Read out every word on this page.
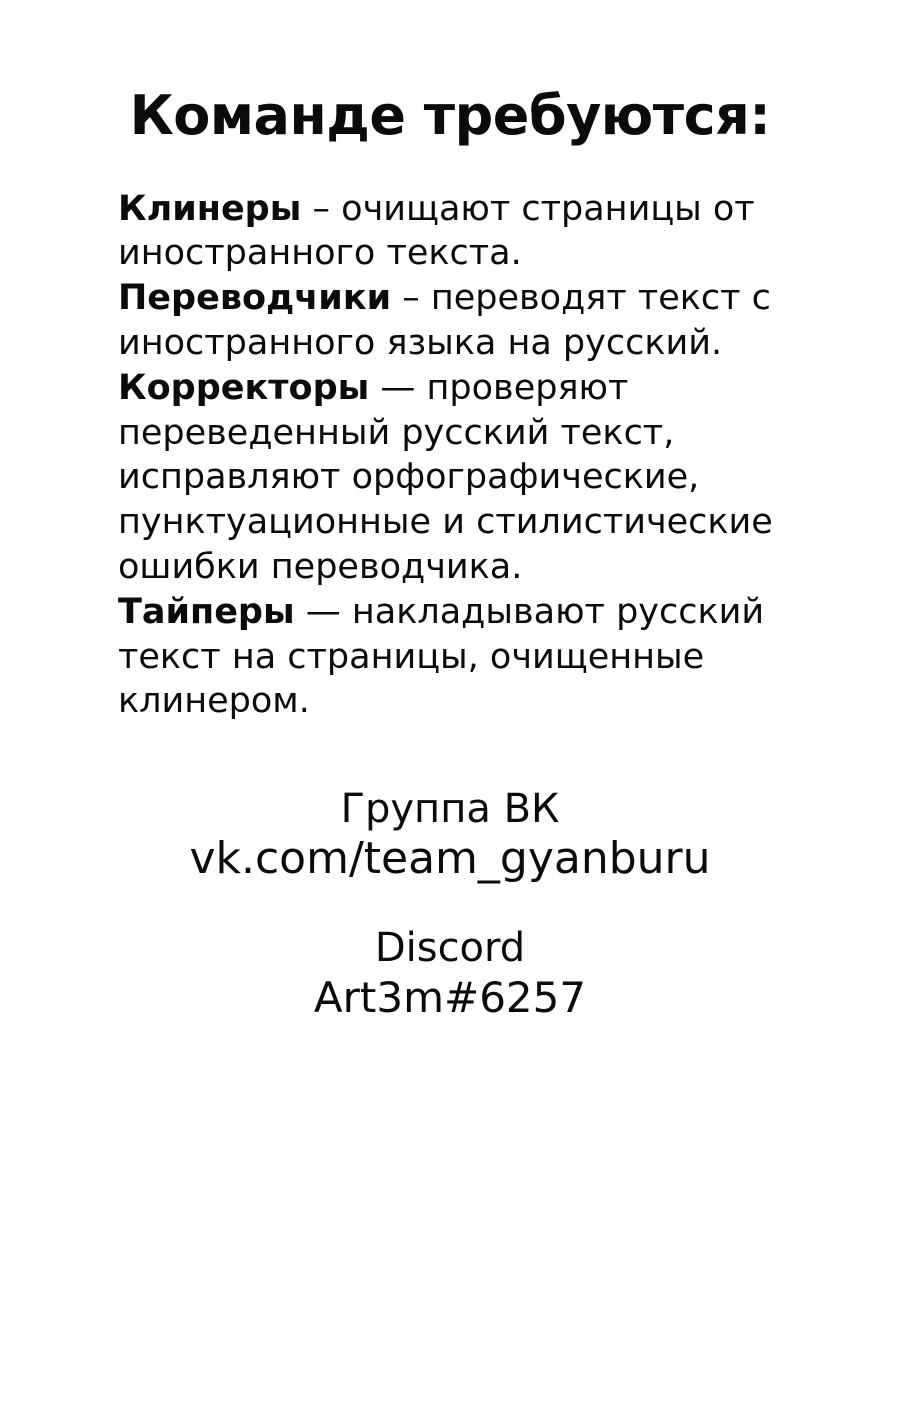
Команде требуются:

Клинеры – очищают страницы от иностранного текста.

Переводчики – переводят текст с иностранного языка на русский.

Корректоры — проверяют переведенный русский текст, исправляют орфографические, пунктуационные и стилистические ошибки переводчика.

Тайперы — накладывают русский текст на страницы, очищенные клинером.

Группа ВК
vk.com/team_gyanburu
Discord
Art3m#6257
